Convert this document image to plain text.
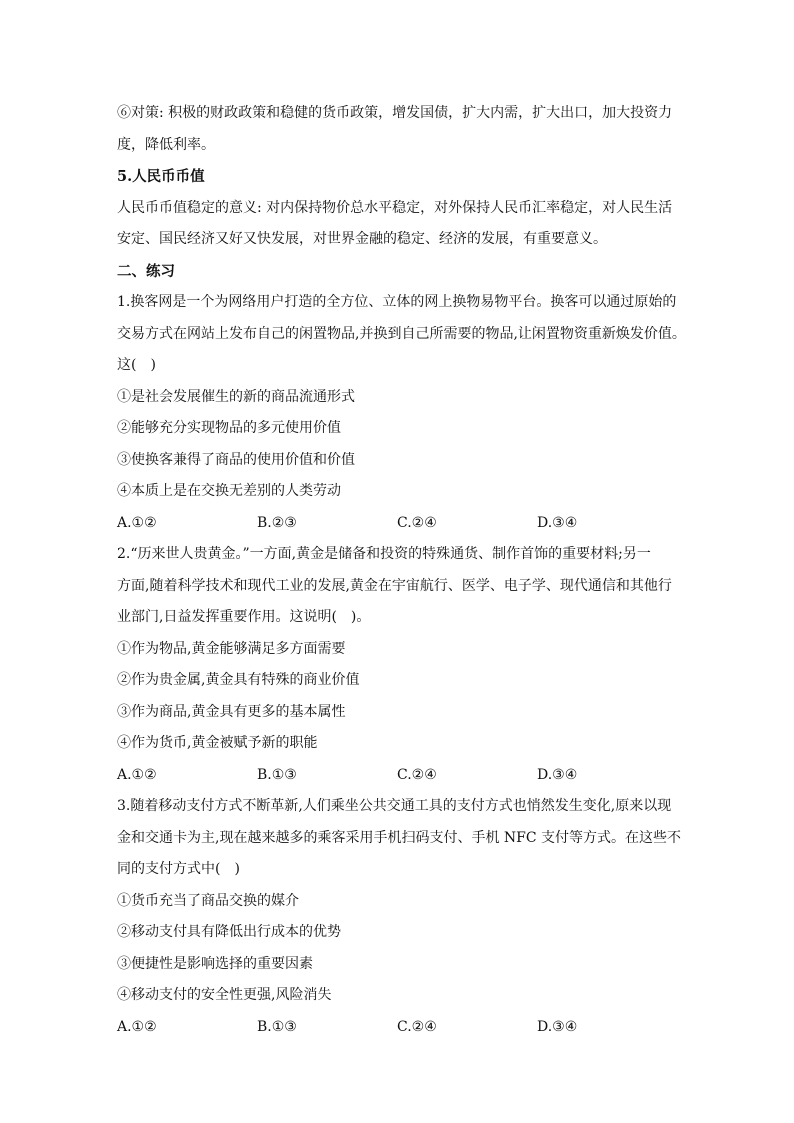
⑥对策: 积极的财政政策和稳健的货币政策，增发国债，扩大内需，扩大出口，加大投资力
度，降低利率。
5.人民币币值
人民币币值稳定的意义: 对内保持物价总水平稳定，对外保持人民币汇率稳定，对人民生活
安定、国民经济又好又快发展，对世界金融的稳定、经济的发展，有重要意义。
二、练习
1.换客网是一个为网络用户打造的全方位、立体的网上换物易物平台。换客可以通过原始的
交易方式在网站上发布自己的闲置物品,并换到自己所需要的物品,让闲置物资重新焕发价值。
这(　)
①是社会发展催生的新的商品流通形式
②能够充分实现物品的多元使用价值
③使换客兼得了商品的使用价值和价值
④本质上是在交换无差别的人类劳动
A.①②	B.②③	C.②④	D.③④
2.“历来世人贵黄金。”一方面,黄金是储备和投资的特殊通货、制作首饰的重要材料;另一
方面,随着科学技术和现代工业的发展,黄金在宇宙航行、医学、电子学、现代通信和其他行
业部门,日益发挥重要作用。这说明(　)。
①作为物品,黄金能够满足多方面需要
②作为贵金属,黄金具有特殊的商业价值
③作为商品,黄金具有更多的基本属性
④作为货币,黄金被赋予新的职能
A.①②	B.①③	C.②④	D.③④
3.随着移动支付方式不断革新,人们乘坐公共交通工具的支付方式也悄然发生变化,原来以现
金和交通卡为主,现在越来越多的乘客采用手机扫码支付、手机 NFC 支付等方式。在这些不
同的支付方式中(　)
①货币充当了商品交换的媒介
②移动支付具有降低出行成本的优势
③便捷性是影响选择的重要因素
④移动支付的安全性更强,风险消失
A.①②	B.①③	C.②④	D.③④
